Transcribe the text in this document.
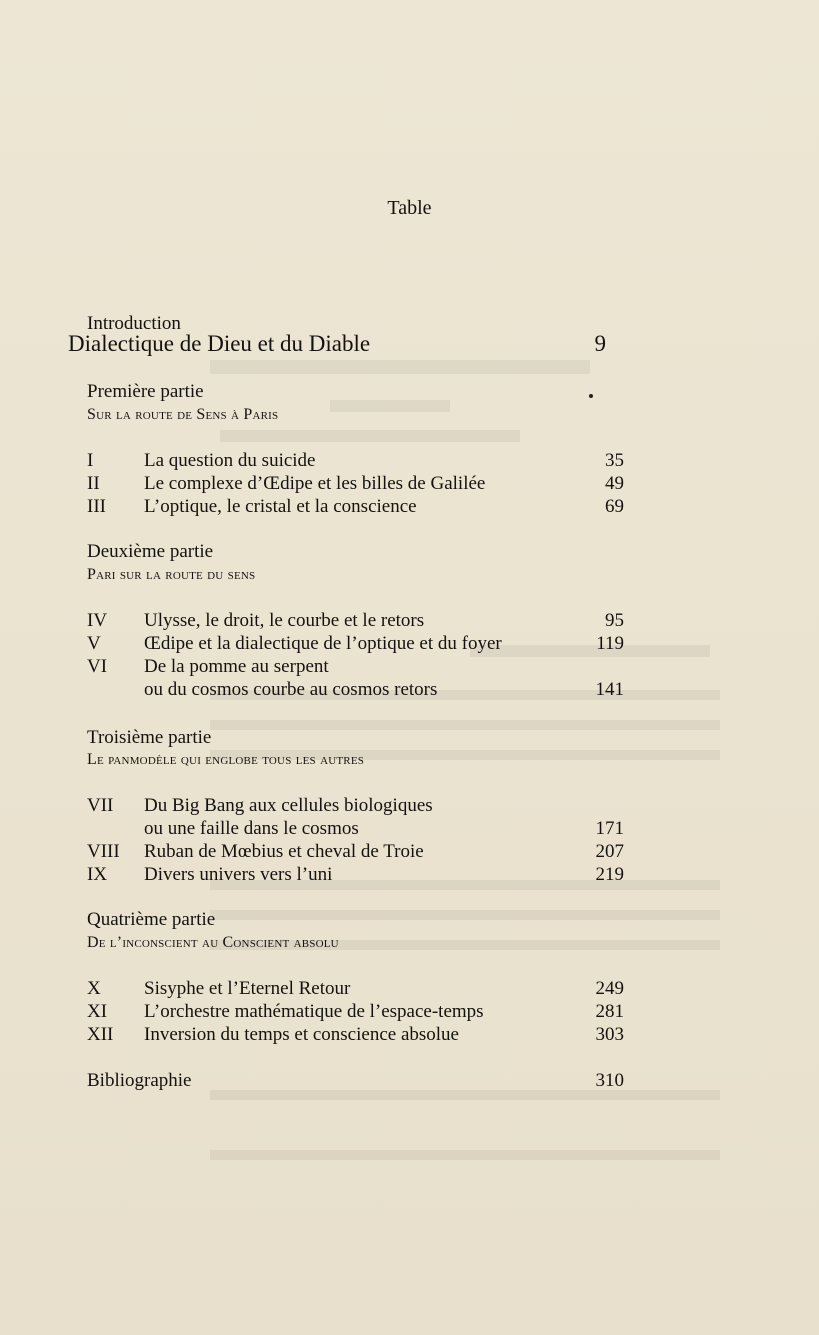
Table
Introduction
Dialectique de Dieu et du Diable	9
Première partie
Sur la route de Sens à Paris
I	La question du suicide	35
II Le complexe d’Œdipe et les billes de Galilée	49
III L’optique, le cristal et la conscience	69
Deuxième partie
Pari sur la route du sens
IV Ulysse, le droit, le courbe et le retors	95
V Œdipe et la dialectique de l’optique et du foyer	119
VI De la pomme au serpent
ou du cosmos courbe au cosmos retors	141
Troisième partie
Le panmodèle qui englobe tous les autres
VII Du Big Bang aux cellules biologiques
ou une faille dans le cosmos	171
VIII Ruban de Mœbius et cheval de Troie	207
IX Divers univers vers l’uni	219
Quatrième partie
De l’inconscient au Conscient absolu
X Sisyphe et l’Eternel Retour	249
XI L’orchestre mathématique de l’espace-temps	281
XII Inversion du temps et conscience absolue	303
Bibliographie	310
